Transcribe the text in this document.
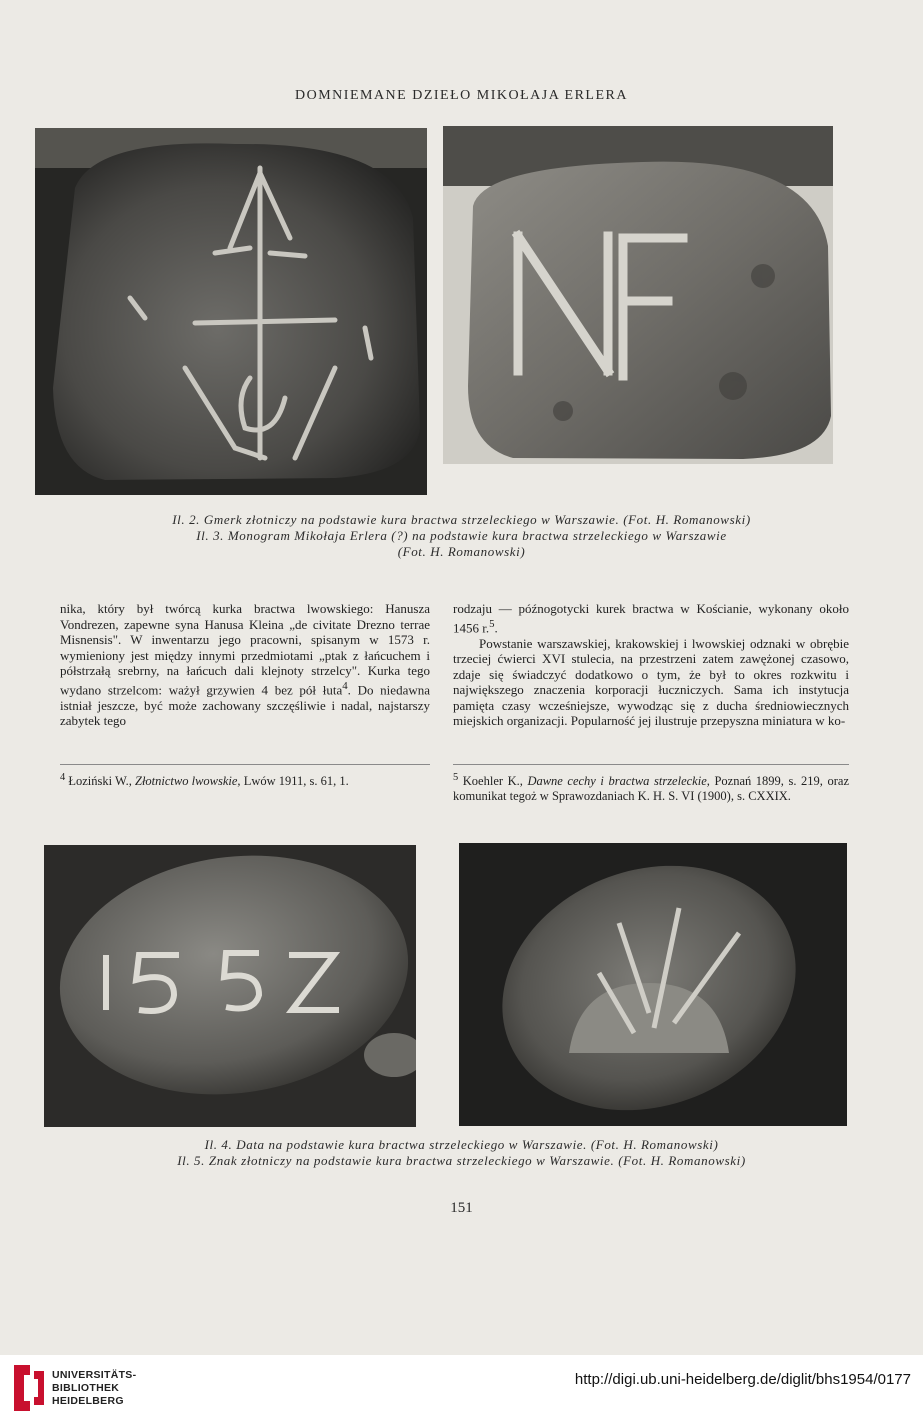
DOMNIEMANE DZIEŁO MIKOŁAJA ERLERA
Il. 2. Gmerk złotniczy na podstawie kura bractwa strzeleckiego w Warszawie. (Fot. H. Romanowski)
Il. 3. Monogram Mikołaja Erlera (?) na podstawie kura bractwa strzeleckiego w Warszawie
(Fot. H. Romanowski)

nika, który był twórcą kurka bractwa lwowskiego: Hanusza Vondrezen, zapewne syna Hanusa Kleina „de civitate Drezno terrae Misnensis". W inwentarzu jego pracowni, spisanym w 1573 r. wymieniony jest między innymi przedmiotami „ptak z łańcuchem i półstrzałą srebrny, na łańcuch dali klejnoty strzelcy". Kurka tego wydano strzelcom: ważył grzywien 4 bez pół łuta$^4$. Do niedawna istniał jeszcze, być może zachowany szczęśliwie i nadal, najstarszy zabytek tego

rodzaju — późnogotycki kurek bractwa w Kościanie, wykonany około 1456 r.$^5$.

Powstanie warszawskiej, krakowskiej i lwowskiej odznaki w obrębie trzeciej ćwierci XVI stulecia, na przestrzeni zatem zawężonej czasowo, zdaje się świadczyć dodatkowo o tym, że był to okres rozkwitu i największego znaczenia korporacji łuczniczych. Sama ich instytucja pamięta czasy wcześniejsze, wywodząc się z ducha średniowiecznych miejskich organizacji. Popularność jej ilustruje przepyszna miniatura w ko-

$^4$ Łoziński W., Złotnictwo lwowskie, Lwów 1911, s. 61, 1.	$^5$ Koehler K., Dawne cechy i bractwa strzeleckie, Poznań 1899, s. 219, oraz komunikat tegoż w Sprawozdaniach K. H. S. VI (1900), s. CXXIX.
Il. 4. Data na podstawie kura bractwa strzeleckiego w Warszawie. (Fot. H. Romanowski)
Il. 5. Znak złotniczy na podstawie kura bractwa strzeleckiego w Warszawie. (Fot. H. Romanowski)
151
UNIVERSITÄTS-
BIBLIOTHEK
HEIDELBERG
http://digi.ub.uni-heidelberg.de/diglit/bhs1954/0177
